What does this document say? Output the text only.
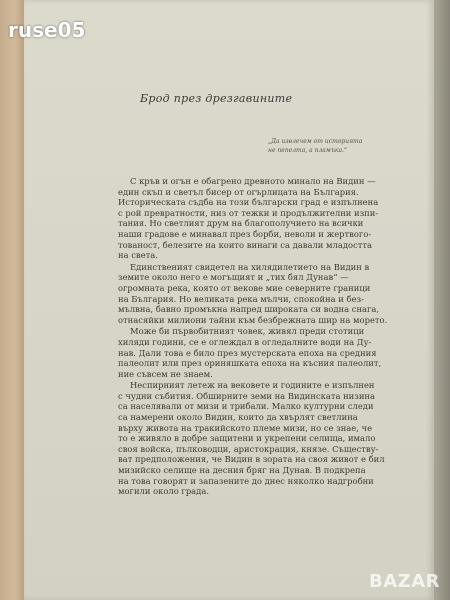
ruse05
Брод през дрезгавините
„Да извлечем от историята
не пепелта, а пламъка.“
С кръв и огън е обагрено древното минало на Видин —
един скъп и светъл бисер от огърлицата на България.
Историческата съдба на този български град е изпълнена
с рой превратности, низ от тежки и продължителни изпи-
тания. Но светлият друм на благополучието на всички
наши градове е минавал през борби, неволи и жертвого-
тованост, белезите на които винаги са давали младостта
на света.
Единственият свидетел на хилядилетието на Видин в
земите около него е могъщият и „тих бял Дунав“ —
огромната река, която от векове мие северните граници
на България. Но великата река мълчи, спокойна и без-
мълвна, бавно промъкна напред широката си водна снага,
отнасяйки милиони тайни към безбрежната шир на морето.
Може би първобитният човек, живял преди стотици
хиляди години, се е оглеждал в огледалните води на Ду-
нав. Дали това е било през мустерската епоха на средния
палеолит или през ориняшката епоха на късния палеолит,
ние съвсем не знаем.
Неспирният летеж на вековете и годините е изпълнен
с чудни събития. Обширните земи на Видинската низина
са населявали от мизи и трибали. Малко културни следи
са намерени около Видин, които да хвърлят светлина
върху живота на тракийското племе мизи, но се знае, че
то е живяло в добре защитени и укрепени селища, имало
своя войска, пълководци, аристокрация, князе. Съществу-
ват предположения, че Видин в зората на своя живот е бил
мизийско селище на десния бряг на Дунав. В подкрепа
на това говорят и запазените до днес няколко надгробни
могили около града.
BAZAR
